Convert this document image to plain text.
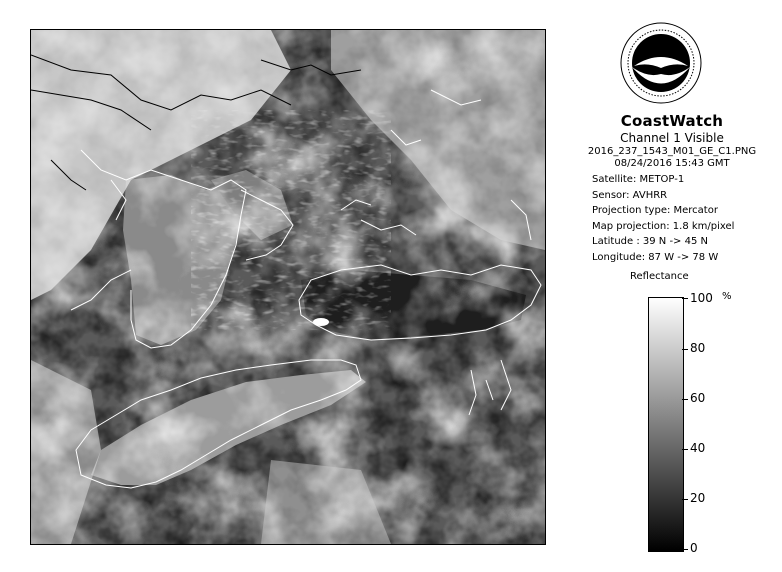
CoastWatch
Channel 1 Visible
2016_237_1543_M01_GE_C1.PNG
08/24/2016 15:43 GMT
Satellite: METOP-1
Sensor: AVHRR
Projection type: Mercator
Map projection: 1.8 km/pixel
Latitude : 39 N -> 45 N
Longitude: 87 W -> 78 W
Reflectance
%
100
80
60
40
20
0
